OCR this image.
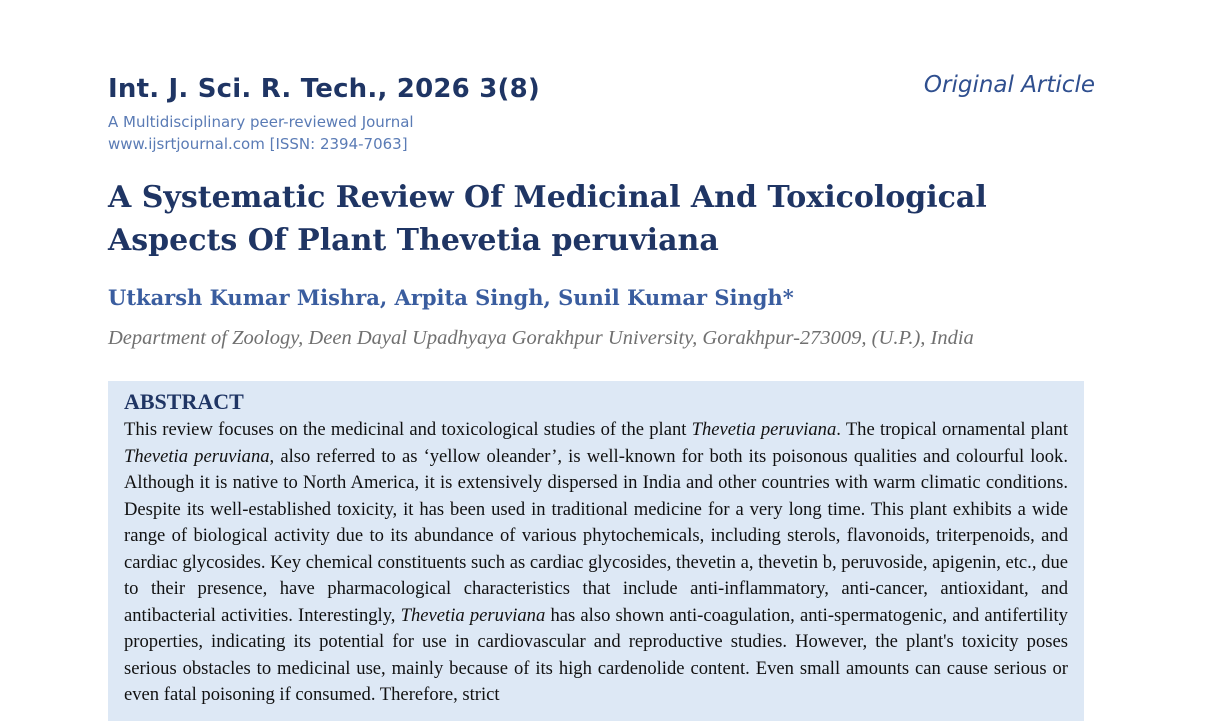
Int. J. Sci. R. Tech., 2026 3(8)	Original Article
A Multidisciplinary peer-reviewed Journal
www.ijsrtjournal.com [ISSN: 2394-7063]
A Systematic Review Of Medicinal And Toxicological
Aspects Of Plant Thevetia peruviana
Utkarsh Kumar Mishra, Arpita Singh, Sunil Kumar Singh*
Department of Zoology, Deen Dayal Upadhyaya Gorakhpur University, Gorakhpur-273009, (U.P.), India
ABSTRACT

This review focuses on the medicinal and toxicological studies of the plant Thevetia peruviana. The tropical ornamental plant Thevetia peruviana, also referred to as ‘yellow oleander’, is well-known for both its poisonous qualities and colourful look. Although it is native to North America, it is extensively dispersed in India and other countries with warm climatic conditions. Despite its well-established toxicity, it has been used in traditional medicine for a very long time. This plant exhibits a wide range of biological activity due to its abundance of various phytochemicals, including sterols, flavonoids, triterpenoids, and cardiac glycosides. Key chemical constituents such as cardiac glycosides, thevetin a, thevetin b, peruvoside, apigenin, etc., due to their presence, have pharmacological characteristics that include anti-inflammatory, anti-cancer, antioxidant, and antibacterial activities. Interestingly, Thevetia peruviana has also shown anti-coagulation, anti-spermatogenic, and antifertility properties, indicating its potential for use in cardiovascular and reproductive studies. However, the plant's toxicity poses serious obstacles to medicinal use, mainly because of its high cardenolide content. Even small amounts can cause serious or even fatal poisoning if consumed. Therefore, strict
